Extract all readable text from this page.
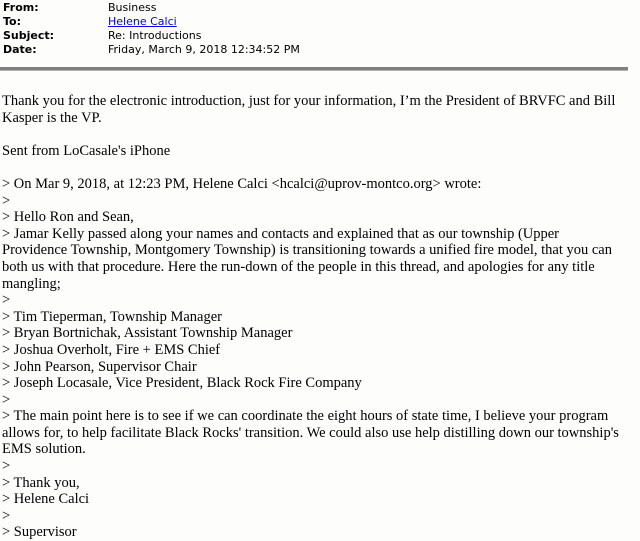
From:	Business
To:	Helene Calci
Subject:	Re: Introductions
Date:	Friday, March 9, 2018 12:34:52 PM

Thank you for the electronic introduction, just for your information, I’m the President of BRVFC and Bill Kasper is the VP.

Sent from LoCasale's iPhone

> On Mar 9, 2018, at 12:23 PM, Helene Calci <hcalci@uprov-montco.org> wrote:

>

> Hello Ron and Sean,

> Jamar Kelly passed along your names and contacts and explained that as our township (Upper Providence Township, Montgomery Township) is transitioning towards a unified fire model, that you can both us with that procedure. Here the run-down of the people in this thread, and apologies for any title mangling;

>

> Tim Tieperman, Township Manager

> Bryan Bortnichak, Assistant Township Manager

> Joshua Overholt, Fire + EMS Chief

> John Pearson, Supervisor Chair

> Joseph Locasale, Vice President, Black Rock Fire Company

>

> The main point here is to see if we can coordinate the eight hours of state time, I believe your program allows for, to help facilitate Black Rocks' transition. We could also use help distilling down our township's EMS solution.

>

> Thank you,

> Helene Calci

>

> Supervisor
